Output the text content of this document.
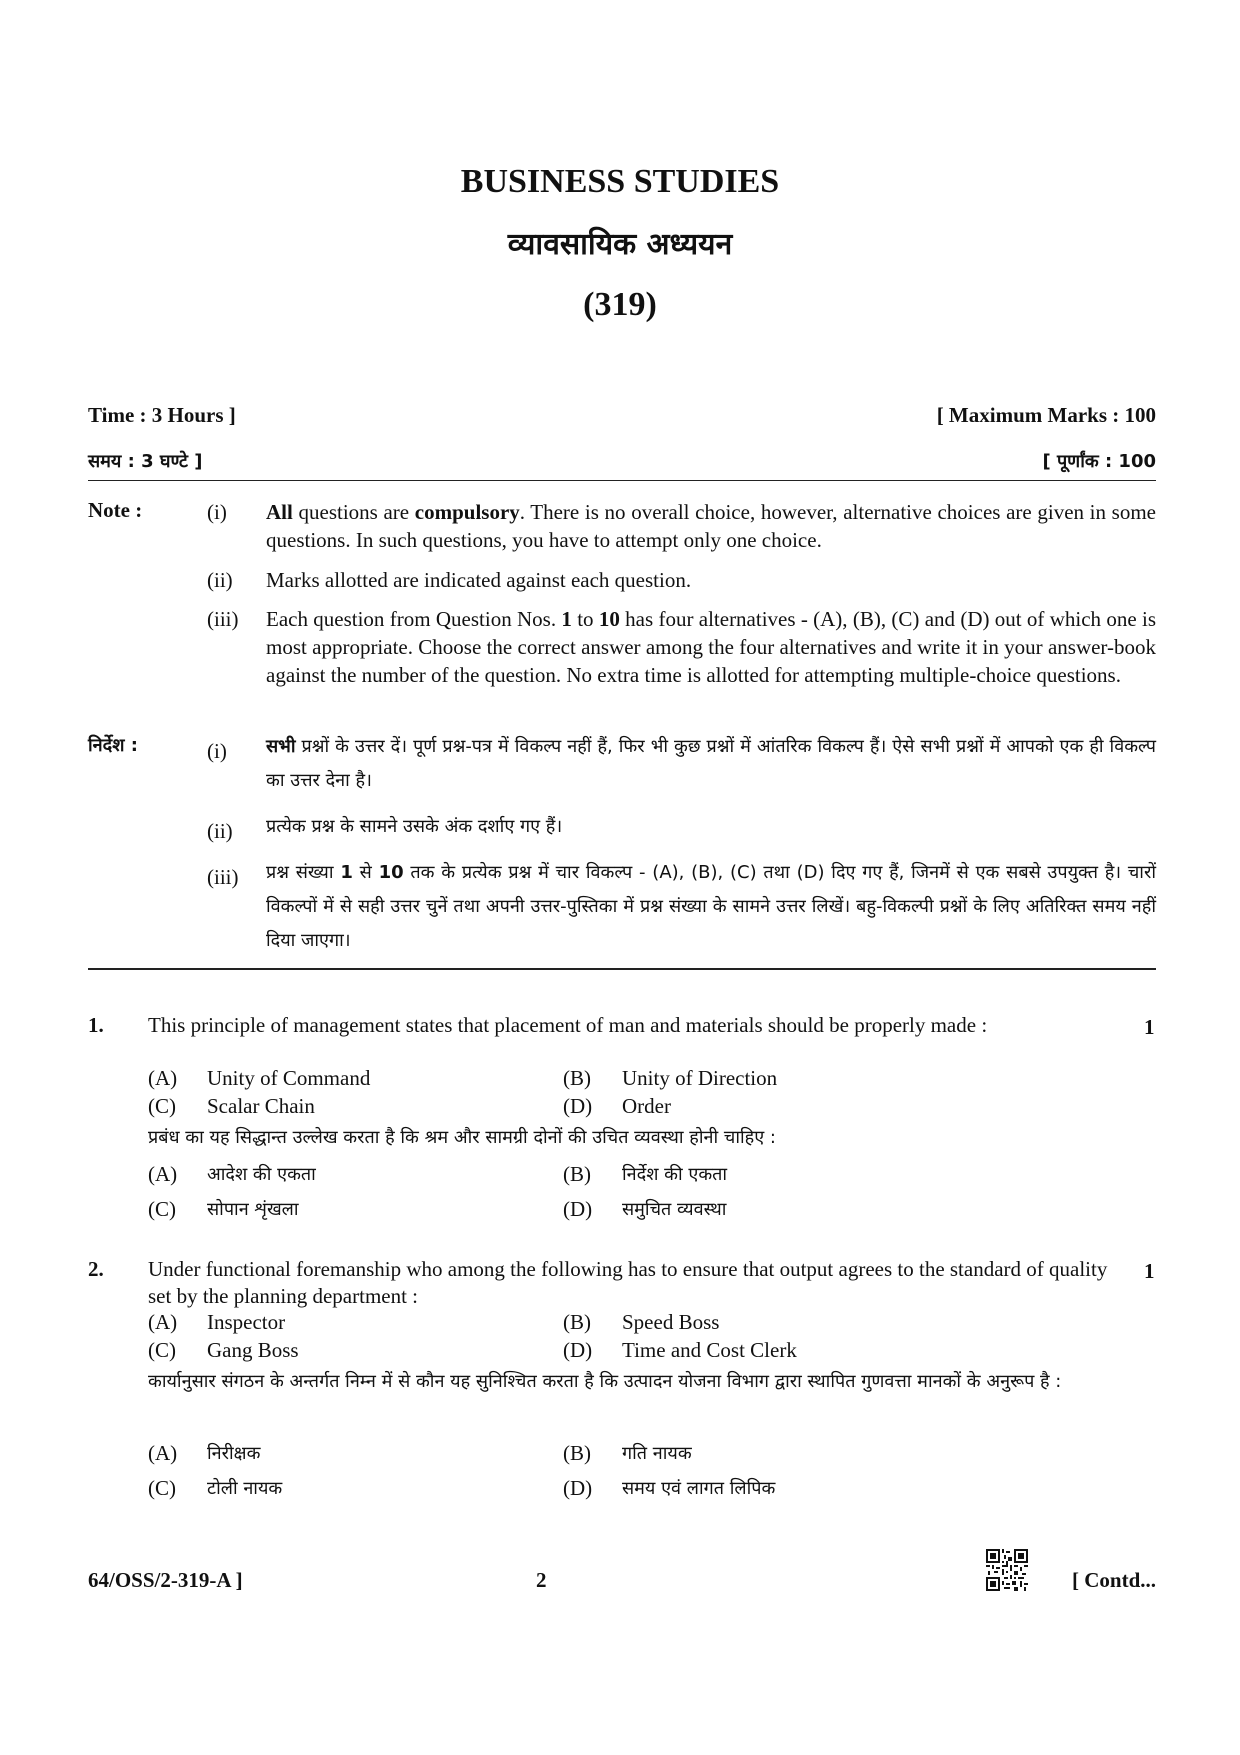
BUSINESS STUDIES
व्यावसायिक अध्ययन
(319)
Time : 3 Hours ]	[ Maximum Marks : 100
समय : 3 घण्टे ]	[ पूर्णांक : 100
Note :	(i) All questions are compulsory. There is no overall choice, however, alternative choices are given in some questions. In such questions, you have to attempt only one choice.
(ii) Marks allotted are indicated against each question.
(iii) Each question from Question Nos. 1 to 10 has four alternatives - (A), (B), (C) and (D) out of which one is most appropriate. Choose the correct answer among the four alternatives and write it in your answer-book against the number of the question. No extra time is allotted for attempting multiple-choice questions.
निर्देश :	(i) सभी प्रश्नों के उत्तर दें। पूर्ण प्रश्न-पत्र में विकल्प नहीं हैं, फिर भी कुछ प्रश्नों में आंतरिक विकल्प हैं। ऐसे सभी प्रश्नों में आपको एक ही विकल्प का उत्तर देना है।
(ii) प्रत्येक प्रश्न के सामने उसके अंक दर्शाए गए हैं।
(iii) प्रश्न संख्या 1 से 10 तक के प्रत्येक प्रश्न में चार विकल्प - (A), (B), (C) तथा (D) दिए गए हैं, जिनमें से एक सबसे उपयुक्त है। चारों विकल्पों में से सही उत्तर चुनें तथा अपनी उत्तर-पुस्तिका में प्रश्न संख्या के सामने उत्तर लिखें। बहु-विकल्पी प्रश्नों के लिए अतिरिक्त समय नहीं दिया जाएगा।
1. This principle of management states that placement of man and materials should be properly made :	1
(A) Unity of Command	(B) Unity of Direction
(C) Scalar Chain	(D) Order
प्रबंध का यह सिद्धान्त उल्लेख करता है कि श्रम और सामग्री दोनों की उचित व्यवस्था होनी चाहिए :
(A) आदेश की एकता	(B) निर्देश की एकता
(C) सोपान शृंखला	(D) समुचित व्यवस्था
2. Under functional foremanship who among the following has to ensure that output agrees to the standard of quality set by the planning department :
1
(A) Inspector	(B) Speed Boss
(C) Gang Boss	(D) Time and Cost Clerk
कार्यानुसार संगठन के अन्तर्गत निम्न में से कौन यह सुनिश्चित करता है कि उत्पादन योजना विभाग द्वारा स्थापित गुणवत्ता मानकों के अनुरूप है :
(A) निरीक्षक	(B) गति नायक
(C) टोली नायक	(D) समय एवं लागत लिपिक
64/OSS/2-319-A ]	2	[ Contd...
